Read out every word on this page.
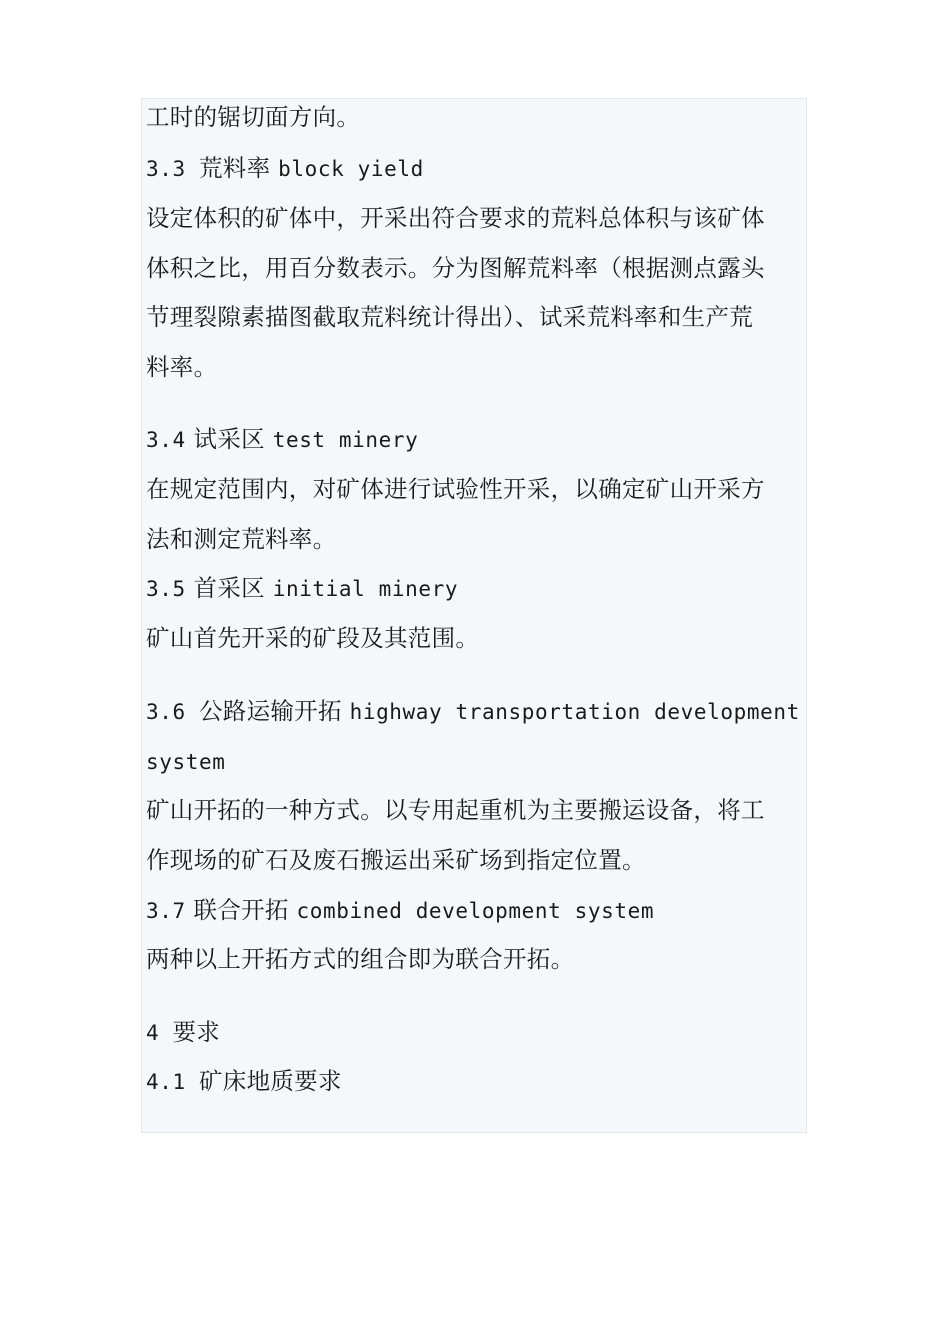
工时的锯切面方向。
3.3 荒料率 block yield
设定体积的矿体中，开采出符合要求的荒料总体积与该矿体
体积之比，用百分数表示。分为图解荒料率（根据测点露头
节理裂隙素描图截取荒料统计得出）、试采荒料率和生产荒
料率。
3.4 试采区 test minery
在规定范围内，对矿体进行试验性开采，以确定矿山开采方
法和测定荒料率。
3.5 首采区 initial minery
矿山首先开采的矿段及其范围。
3.6 公路运输开拓 highway transportation development
system
矿山开拓的一种方式。以专用起重机为主要搬运设备，将工
作现场的矿石及废石搬运出采矿场到指定位置。
3.7 联合开拓 combined development system
两种以上开拓方式的组合即为联合开拓。
4 要求
4.1 矿床地质要求
